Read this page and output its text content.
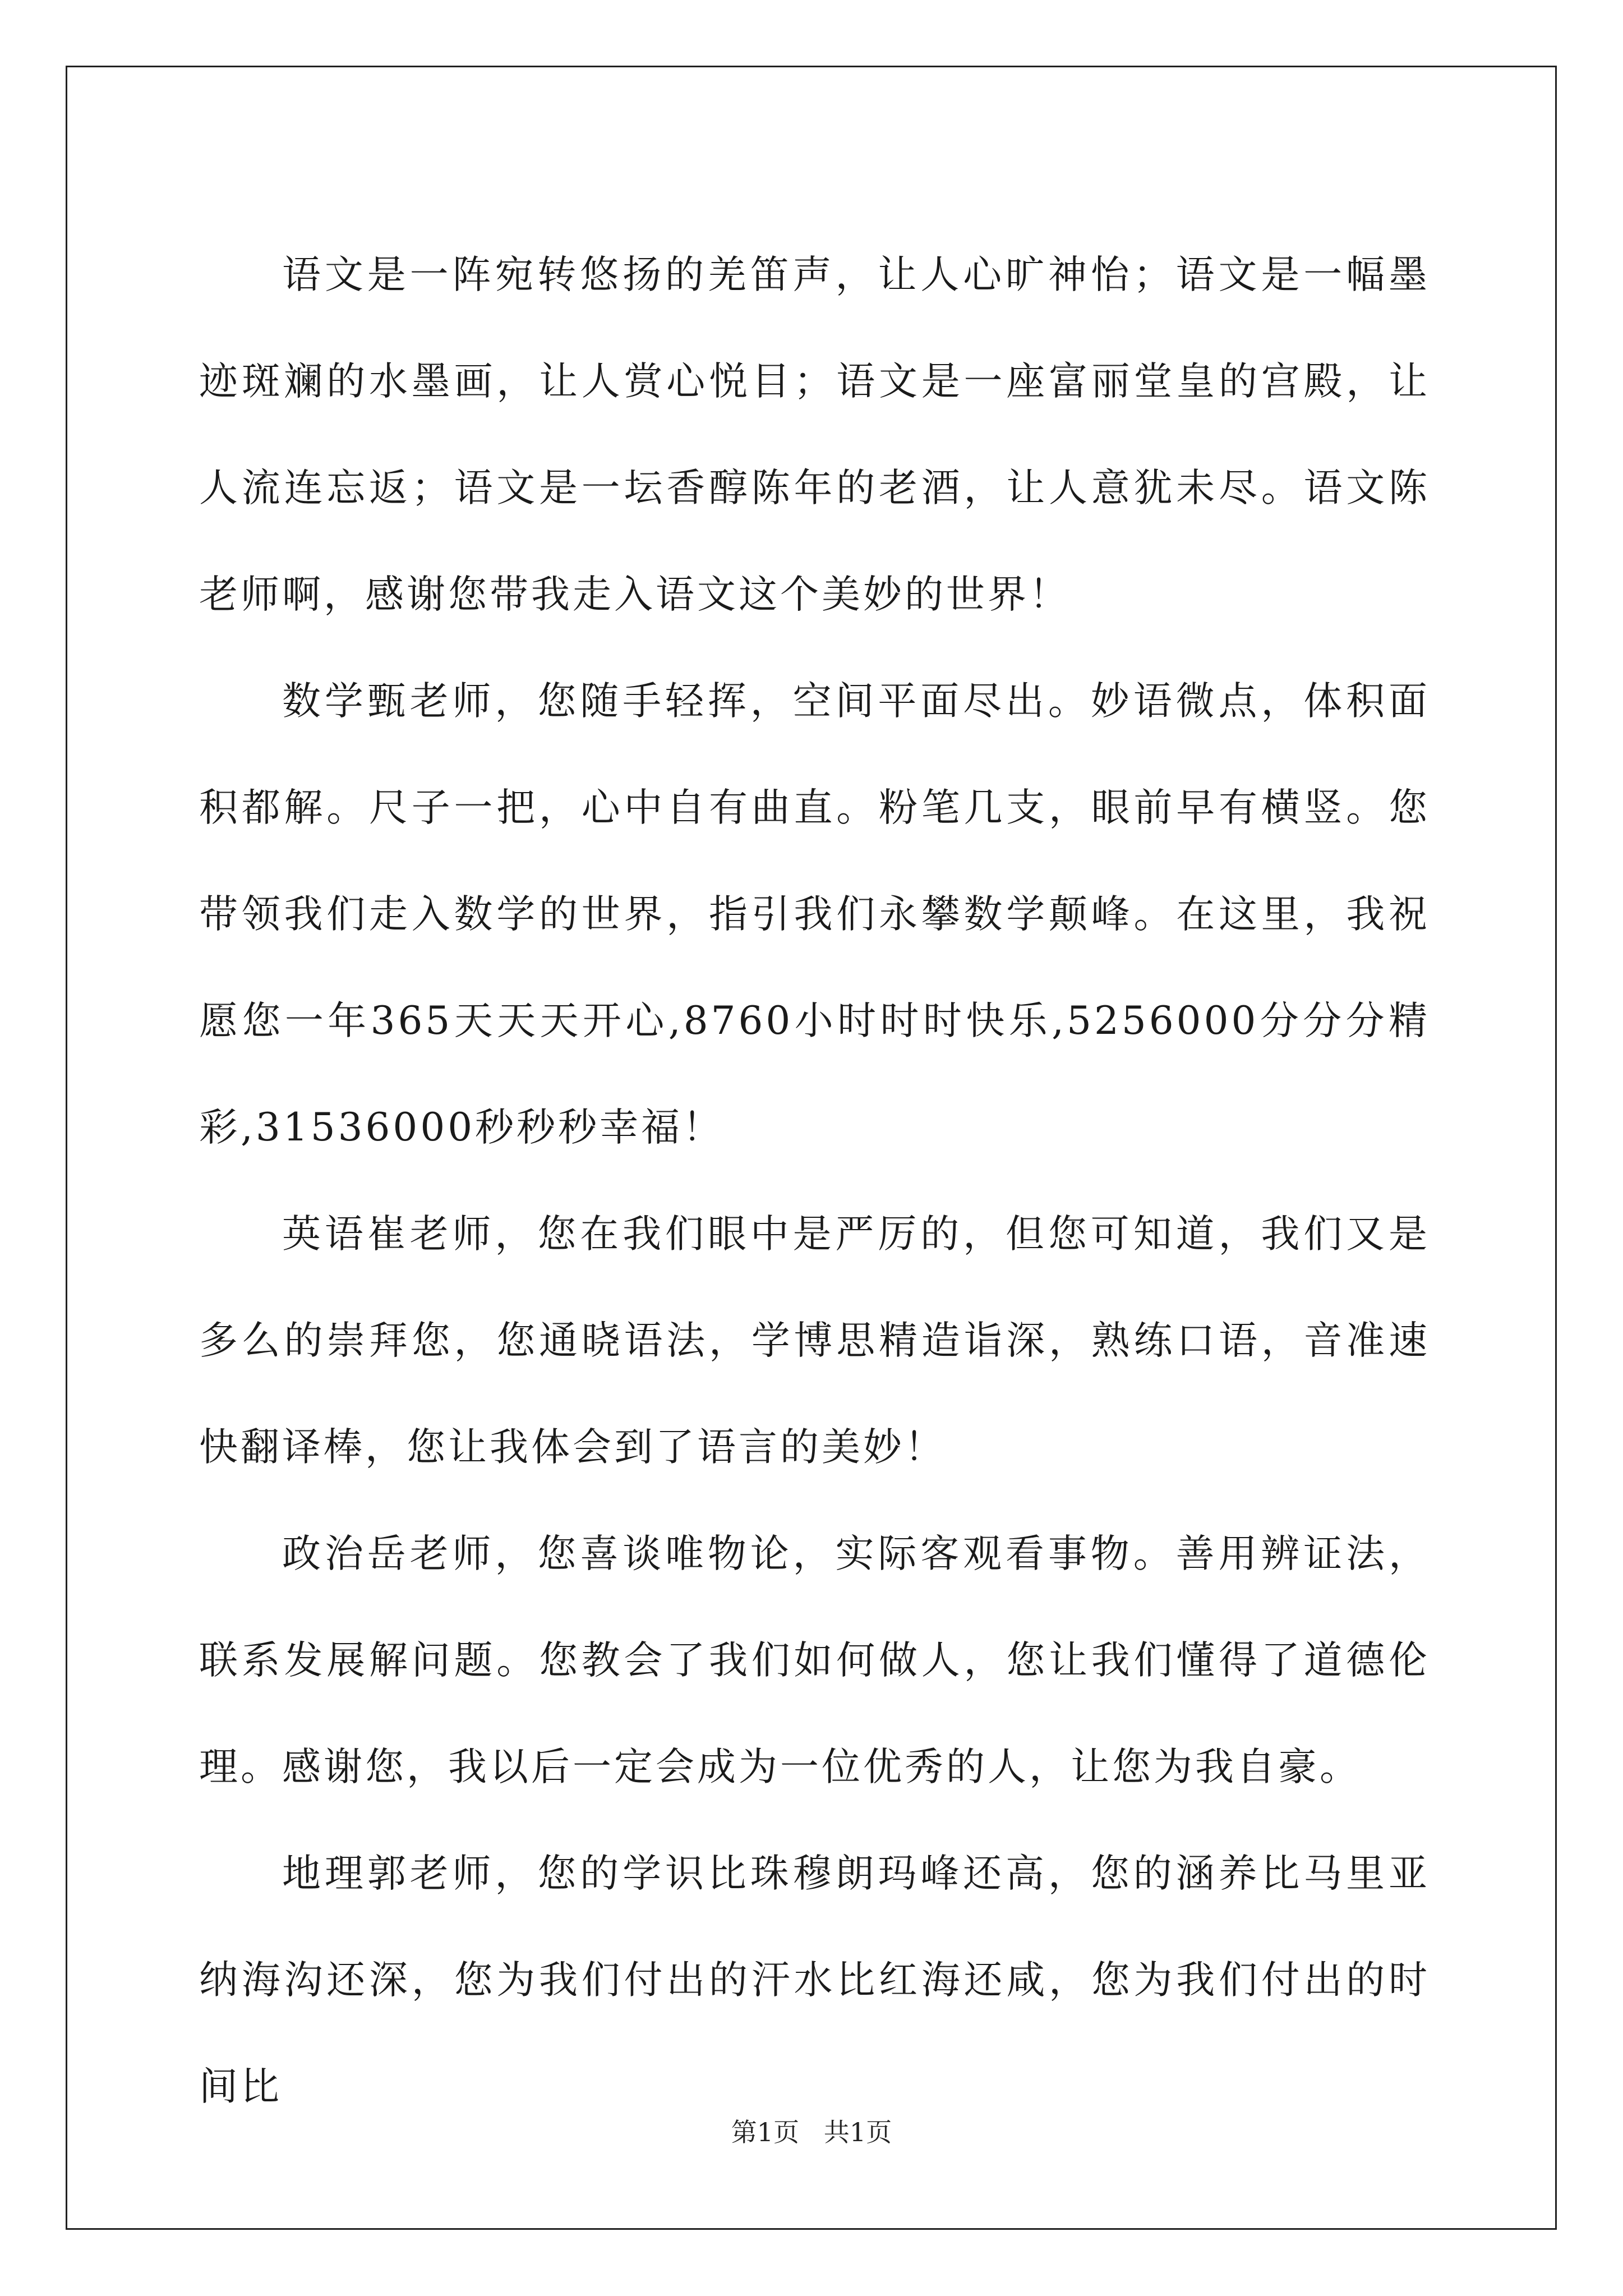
语文是一阵宛转悠扬的羌笛声，让人心旷神怡；语文是一幅墨迹斑斓的水墨画，让人赏心悦目；语文是一座富丽堂皇的宫殿，让人流连忘返；语文是一坛香醇陈年的老酒，让人意犹未尽。语文陈老师啊，感谢您带我走入语文这个美妙的世界！

数学甄老师，您随手轻挥，空间平面尽出。妙语微点，体积面积都解。尺子一把，心中自有曲直。粉笔几支，眼前早有横竖。您带领我们走入数学的世界，指引我们永攀数学颠峰。在这里，我祝愿您一年365天天天开心,8760小时时时快乐,5256000分分分精彩,31536000秒秒秒幸福！

英语崔老师，您在我们眼中是严厉的，但您可知道，我们又是多么的崇拜您，您通晓语法，学博思精造诣深，熟练口语，音准速快翻译棒，您让我体会到了语言的美妙！

政治岳老师，您喜谈唯物论，实际客观看事物。善用辨证法，联系发展解问题。您教会了我们如何做人，您让我们懂得了道德伦理。感谢您，我以后一定会成为一位优秀的人，让您为我自豪。

地理郭老师，您的学识比珠穆朗玛峰还高，您的涵养比马里亚纳海沟还深，您为我们付出的汗水比红海还咸，您为我们付出的时间比

第1页   共1页
